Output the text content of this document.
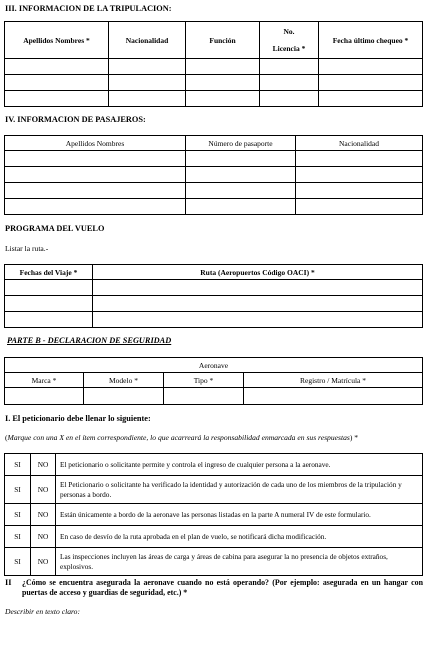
III. INFORMACION DE LA TRIPULACION:
Apellidos Nombres *	Nacionalidad	Función	No.
Licencia *	Fecha último chequeo *

IV. INFORMACION DE PASAJEROS:
Apellidos Nombres	Número de pasaporte	Nacionalidad

PROGRAMA DEL VUELO
Listar la ruta.-
Fechas del Viaje *	Ruta (Aeropuertos Código OACI) *

PARTE B - DECLARACION DE SEGURIDAD
Aeronave			
Marca *	Modelo *	Tipo *	Registro / Matrícula *

I. El peticionario debe llenar lo siguiente:
(Marque con una X en el ítem correspondiente, lo que acarreará la responsabilidad enmarcada en sus respuestas) *
SI	NO	El peticionario o solicitante permite y controla el ingreso de cualquier persona a la aeronave.
SI	NO	El Peticionario o solicitante ha verificado la identidad y autorización de cada uno de los miembros de la tripulación y personas a bordo.
SI	NO	Están únicamente a bordo de la aeronave las personas listadas en la parte A numeral IV de este formulario.
SI	NO	En caso de desvío de la ruta aprobada en el plan de vuelo, se notificará dicha modificación.
SI	NO	Las inspecciones incluyen las áreas de carga y áreas de cabina para asegurar la no presencia de objetos extraños, explosivos.
II ¿Cómo se encuentra asegurada la aeronave cuando no está operando? (Por ejemplo: asegurada en un hangar con puertas de acceso y guardias de seguridad, etc.) *
Describir en texto claro:
